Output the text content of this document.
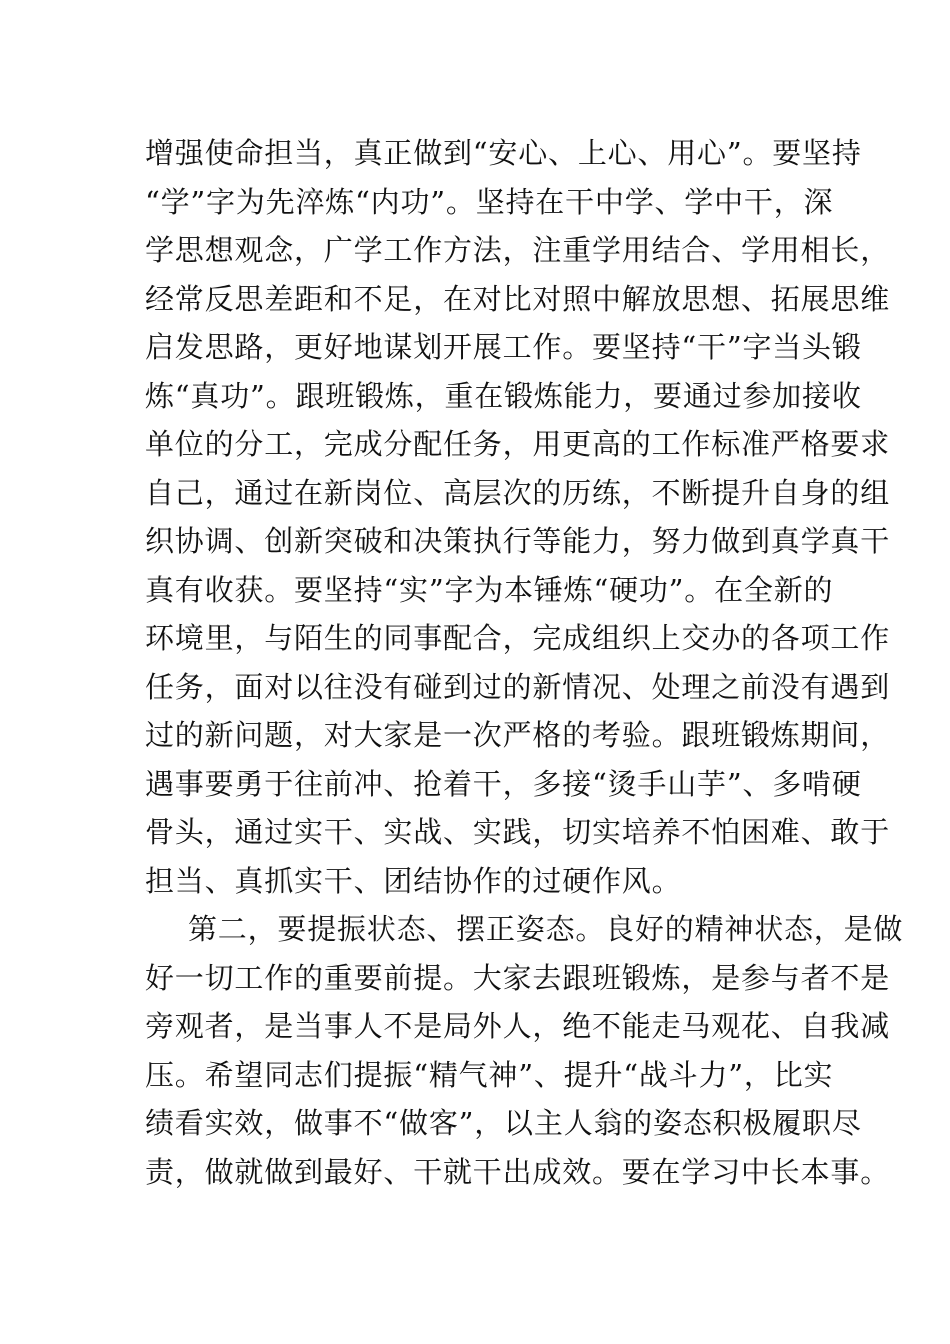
增强使命担当，真正做到“安心、上心、用心”。要坚持
“学”字为先淬炼“内功”。坚持在干中学、学中干，深
学思想观念，广学工作方法，注重学用结合、学用相长，
经常反思差距和不足，在对比对照中解放思想、拓展思维
启发思路，更好地谋划开展工作。要坚持“干”字当头锻
炼“真功”。跟班锻炼，重在锻炼能力，要通过参加接收
单位的分工，完成分配任务，用更高的工作标准严格要求
自己，通过在新岗位、高层次的历练，不断提升自身的组
织协调、创新突破和决策执行等能力，努力做到真学真干
真有收获。要坚持“实”字为本锤炼“硬功”。在全新的
环境里，与陌生的同事配合，完成组织上交办的各项工作
任务，面对以往没有碰到过的新情况、处理之前没有遇到
过的新问题，对大家是一次严格的考验。跟班锻炼期间，
遇事要勇于往前冲、抢着干，多接“烫手山芋”、多啃硬
骨头，通过实干、实战、实践，切实培养不怕困难、敢于
担当、真抓实干、团结协作的过硬作风。
第二，要提振状态、摆正姿态。良好的精神状态，是做
好一切工作的重要前提。大家去跟班锻炼，是参与者不是
旁观者，是当事人不是局外人，绝不能走马观花、自我减
压。希望同志们提振“精气神”、提升“战斗力”，比实
绩看实效，做事不“做客”，以主人翁的姿态积极履职尽
责，做就做到最好、干就干出成效。要在学习中长本事。
